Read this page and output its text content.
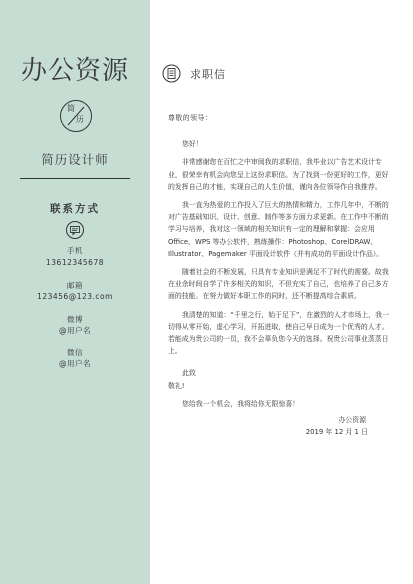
办公资源
简
历
简历设计师
联系方式
手机
13612345678
邮箱
123456@123.com
微博
@用户名
微信
@用户名
求职信

尊敬的领导：

您好！

非常感谢您在百忙之中审阅我的求职信，我毕业以广告艺术设计专业，很荣幸有机会向您呈上这份求职信。为了找到一份更好的工作，更好的发挥自己的才能，实现自己的人生价值，谨向各位领导作自我推荐。

我一直为热爱的工作投入了巨大的热情和精力，工作几年中，不断的对广告基础知识、设计、创意、制作等多方面力求更新。在工作中不断的学习与培养，我对这一领域的相关知识有一定的理解和掌握：会应用 Office、WPS 等办公软件，熟练操作：Photoshop、CorelDRAW、Illustrator、Pagemaker 平面设计软件（并有成功的平面设计作品）。

随着社会的不断发展，只具有专业知识是满足不了时代的需要。故我在业余时间自学了许多相关的知识，不但充实了自己，也培养了自己多方面的技能。在努力做好本职工作的同时，还不断提高综合素质。

我清楚的知道：“千里之行，始于足下”，在激烈的人才市场上，我一切得从零开始，虚心学习，开拓进取，使自己早日成为一个优秀的人才。若能成为贵公司的一员，我不会辜负您今天的选择。祝贵公司事业蒸蒸日上。

此致

敬礼!

您给我一个机会，我将给你无限惊喜！

办公资源

2019 年 12 月 1 日
